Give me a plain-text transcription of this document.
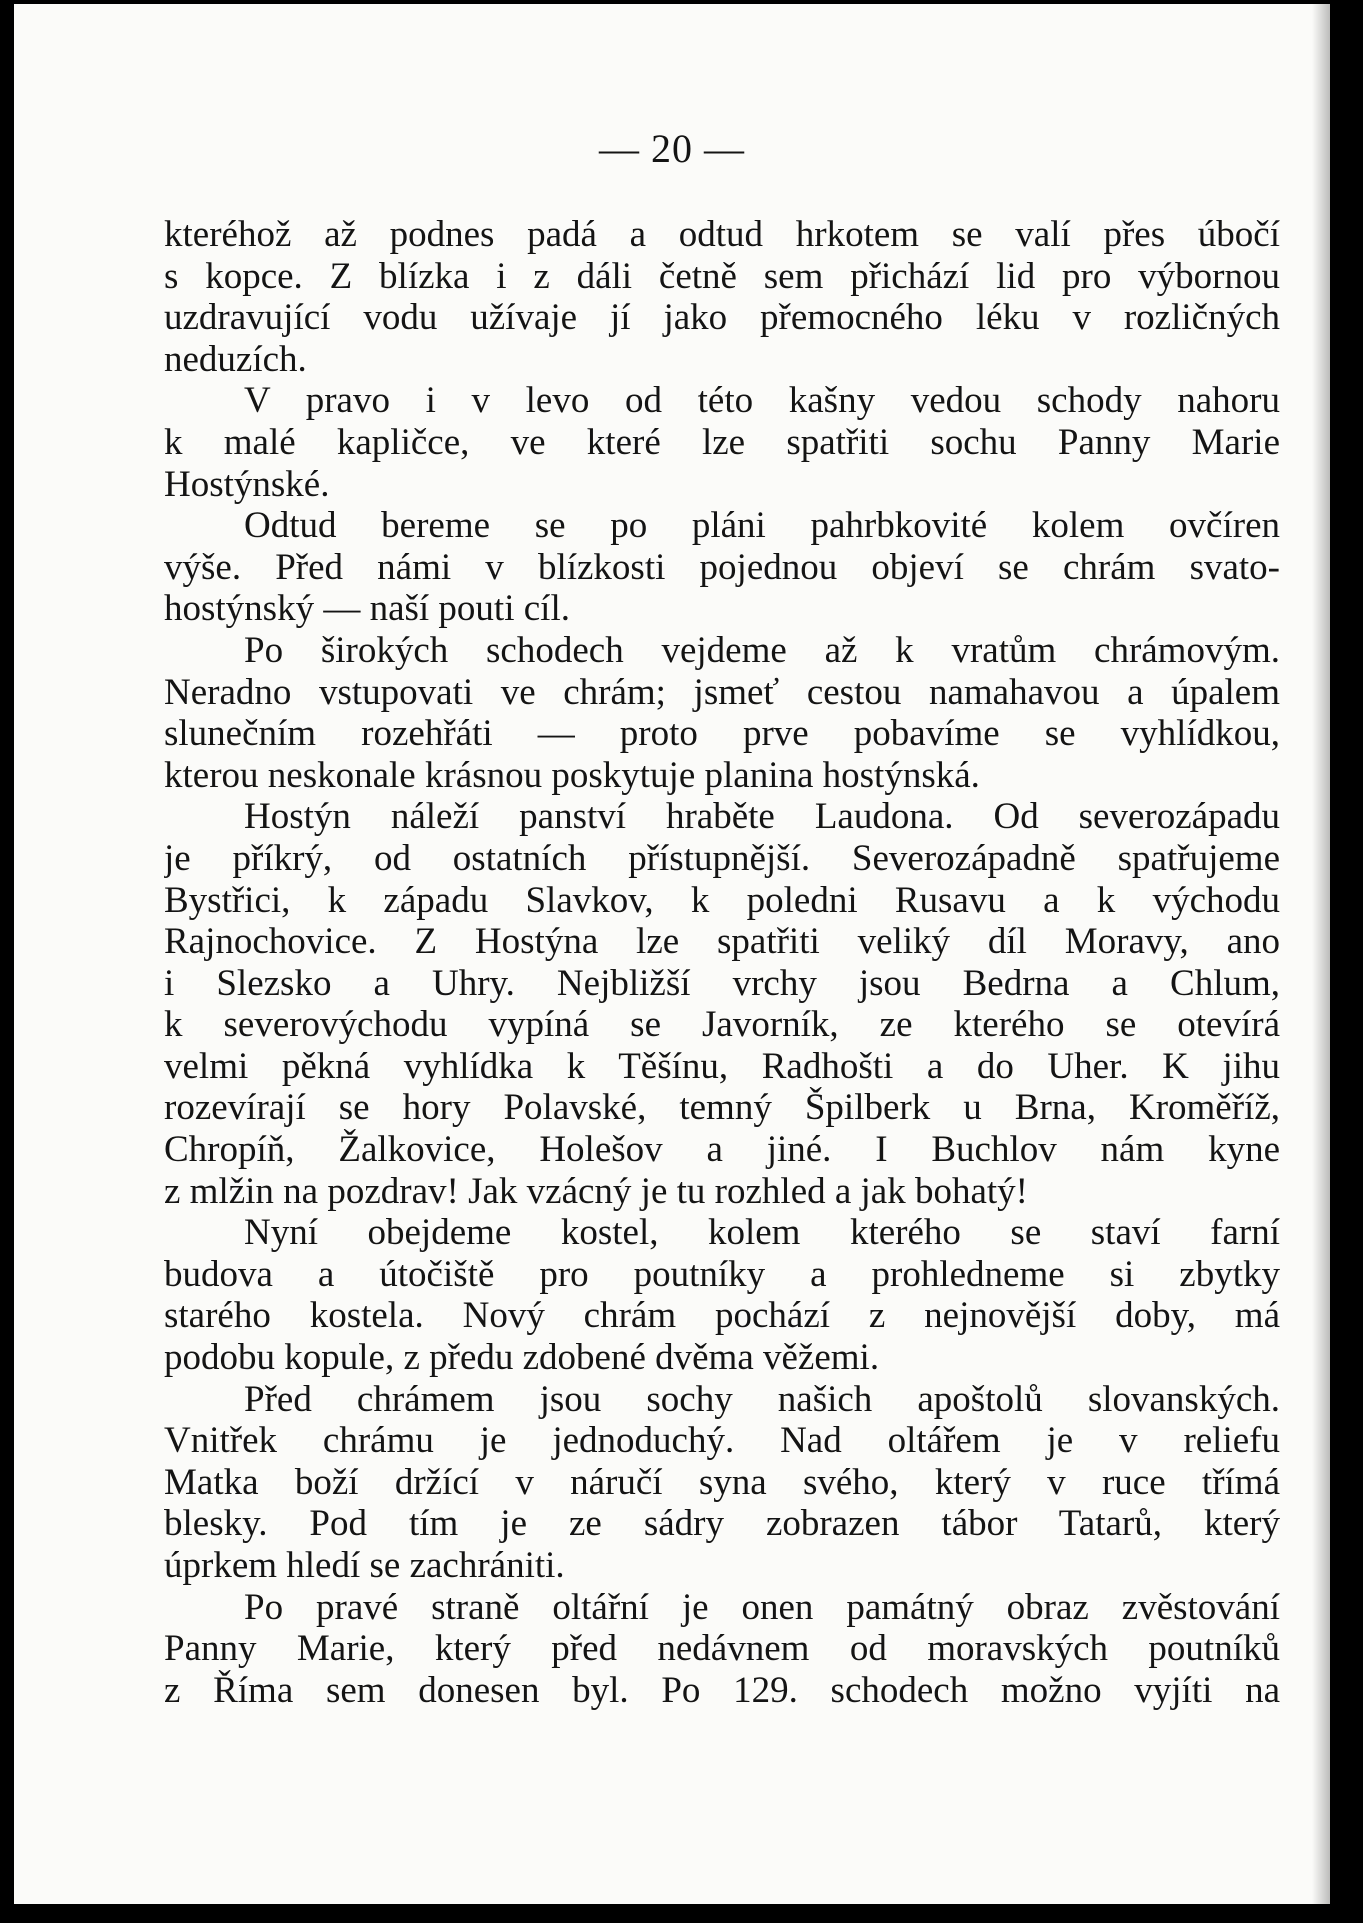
— 20 —
kteréhož až podnes padá a odtud hrkotem se valí přes úbočí
s kopce. Z blízka i z dáli četně sem přichází lid pro výbornou
uzdravující vodu užívaje jí jako přemocného léku v rozličných
neduzích.
V pravo i v levo od této kašny vedou schody nahoru
k malé kapličce, ve které lze spatřiti sochu Panny Marie
Hostýnské.
Odtud bereme se po pláni pahrbkovité kolem ovčíren
výše. Před námi v blízkosti pojednou objeví se chrám svato-
hostýnský — naší pouti cíl.
Po širokých schodech vejdeme až k vratům chrámovým.
Neradno vstupovati ve chrám; jsmeť cestou namahavou a úpalem
slunečním rozehřáti — proto prve pobavíme se vyhlídkou,
kterou neskonale krásnou poskytuje planina hostýnská.
Hostýn náleží panství hraběte Laudona. Od severozápadu
je příkrý, od ostatních přístupnější. Severozápadně spatřujeme
Bystřici, k západu Slavkov, k poledni Rusavu a k východu
Rajnochovice. Z Hostýna lze spatřiti veliký díl Moravy, ano
i Slezsko a Uhry. Nejbližší vrchy jsou Bedrna a Chlum,
k severovýchodu vypíná se Javorník, ze kterého se otevírá
velmi pěkná vyhlídka k Těšínu, Radhošti a do Uher. K jihu
rozevírají se hory Polavské, temný Špilberk u Brna, Kroměříž,
Chropíň, Žalkovice, Holešov a jiné. I Buchlov nám kyne
z mlžin na pozdrav! Jak vzácný je tu rozhled a jak bohatý!
Nyní obejdeme kostel, kolem kterého se staví farní
budova a útočiště pro poutníky a prohledneme si zbytky
starého kostela. Nový chrám pochází z nejnovější doby, má
podobu kopule, z předu zdobené dvěma věžemi.
Před chrámem jsou sochy našich apoštolů slovanských.
Vnitřek chrámu je jednoduchý. Nad oltářem je v reliefu
Matka boží držící v náručí syna svého, který v ruce třímá
blesky. Pod tím je ze sádry zobrazen tábor Tatarů, který
úprkem hledí se zachrániti.
Po pravé straně oltářní je onen památný obraz zvěstování
Panny Marie, který před nedávnem od moravských poutníků
z Říma sem donesen byl. Po 129. schodech možno vyjíti na
